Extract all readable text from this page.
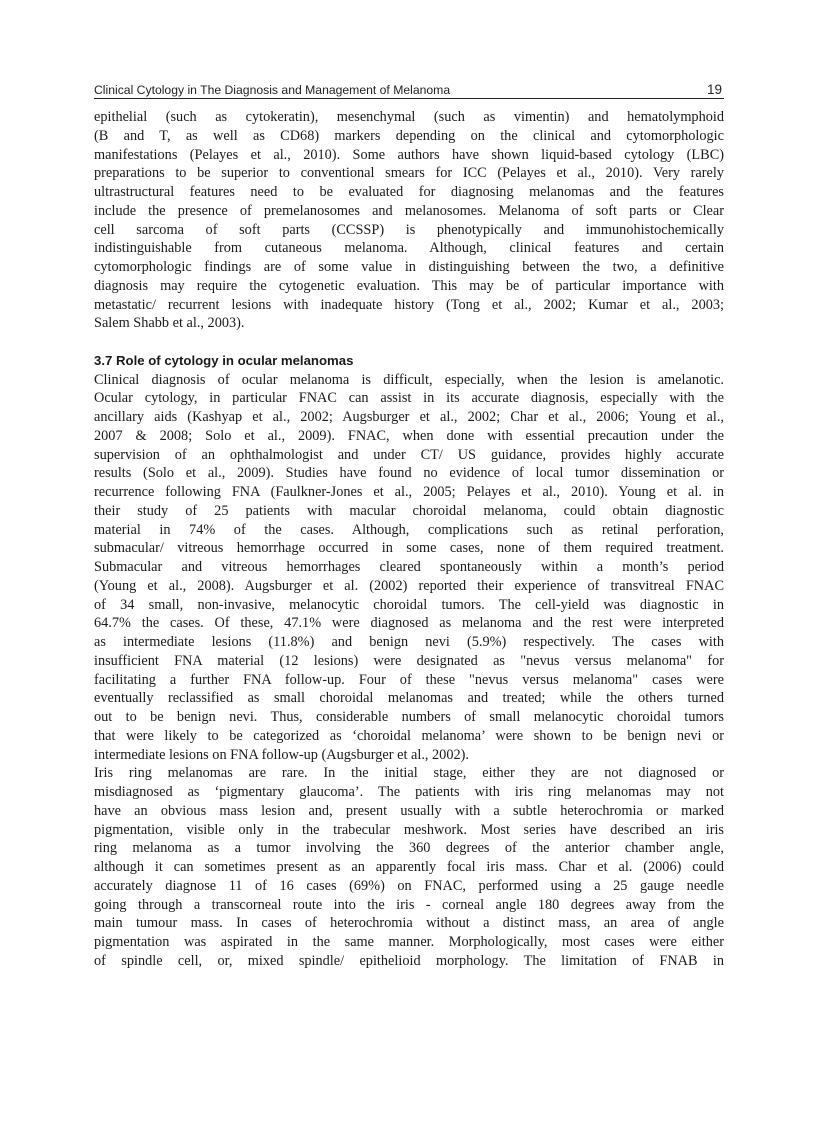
Clinical Cytology in The Diagnosis and Management of Melanoma	19

epithelial (such as cytokeratin), mesenchymal (such as vimentin) and hematolymphoid
(B and T, as well as CD68) markers depending on the clinical and cytomorphologic
manifestations (Pelayes et al., 2010). Some authors have shown liquid-based cytology (LBC)
preparations to be superior to conventional smears for ICC (Pelayes et al., 2010). Very rarely
ultrastructural features need to be evaluated for diagnosing melanomas and the features
include the presence of premelanosomes and melanosomes. Melanoma of soft parts or Clear
cell sarcoma of soft parts (CCSSP) is phenotypically and immunohistochemically
indistinguishable from cutaneous melanoma. Although, clinical features and certain
cytomorphologic findings are of some value in distinguishing between the two, a definitive
diagnosis may require the cytogenetic evaluation. This may be of particular importance with
metastatic/ recurrent lesions with inadequate history (Tong et al., 2002; Kumar et al., 2003;
Salem Shabb et al., 2003).

3.7 Role of cytology in ocular melanomas

Clinical diagnosis of ocular melanoma is difficult, especially, when the lesion is amelanotic.
Ocular cytology, in particular FNAC can assist in its accurate diagnosis, especially with the
ancillary aids (Kashyap et al., 2002; Augsburger et al., 2002; Char et al., 2006; Young et al.,
2007 & 2008; Solo et al., 2009). FNAC, when done with essential precaution under the
supervision of an ophthalmologist and under CT/ US guidance, provides highly accurate
results (Solo et al., 2009). Studies have found no evidence of local tumor dissemination or
recurrence following FNA (Faulkner-Jones et al., 2005; Pelayes et al., 2010). Young et al. in
their study of 25 patients with macular choroidal melanoma, could obtain diagnostic
material in 74% of the cases. Although, complications such as retinal perforation,
submacular/ vitreous hemorrhage occurred in some cases, none of them required treatment.
Submacular and vitreous hemorrhages cleared spontaneously within a month’s period
(Young et al., 2008). Augsburger et al. (2002) reported their experience of transvitreal FNAC
of 34 small, non-invasive, melanocytic choroidal tumors. The cell-yield was diagnostic in
64.7% the cases. Of these, 47.1% were diagnosed as melanoma and the rest were interpreted
as intermediate lesions (11.8%) and benign nevi (5.9%) respectively. The cases with
insufficient FNA material (12 lesions) were designated as "nevus versus melanoma" for
facilitating a further FNA follow-up. Four of these "nevus versus melanoma" cases were
eventually reclassified as small choroidal melanomas and treated; while the others turned
out to be benign nevi. Thus, considerable numbers of small melanocytic choroidal tumors
that were likely to be categorized as ‘choroidal melanoma’ were shown to be benign nevi or
intermediate lesions on FNA follow-up (Augsburger et al., 2002).

Iris ring melanomas are rare. In the initial stage, either they are not diagnosed or
misdiagnosed as ‘pigmentary glaucoma’. The patients with iris ring melanomas may not
have an obvious mass lesion and, present usually with a subtle heterochromia or marked
pigmentation, visible only in the trabecular meshwork. Most series have described an iris
ring melanoma as a tumor involving the 360 degrees of the anterior chamber angle,
although it can sometimes present as an apparently focal iris mass. Char et al. (2006) could
accurately diagnose 11 of 16 cases (69%) on FNAC, performed using a 25 gauge needle
going through a transcorneal route into the iris - corneal angle 180 degrees away from the
main tumour mass. In cases of heterochromia without a distinct mass, an area of angle
pigmentation was aspirated in the same manner. Morphologically, most cases were either
of spindle cell, or, mixed spindle/ epithelioid morphology. The limitation of FNAB in
